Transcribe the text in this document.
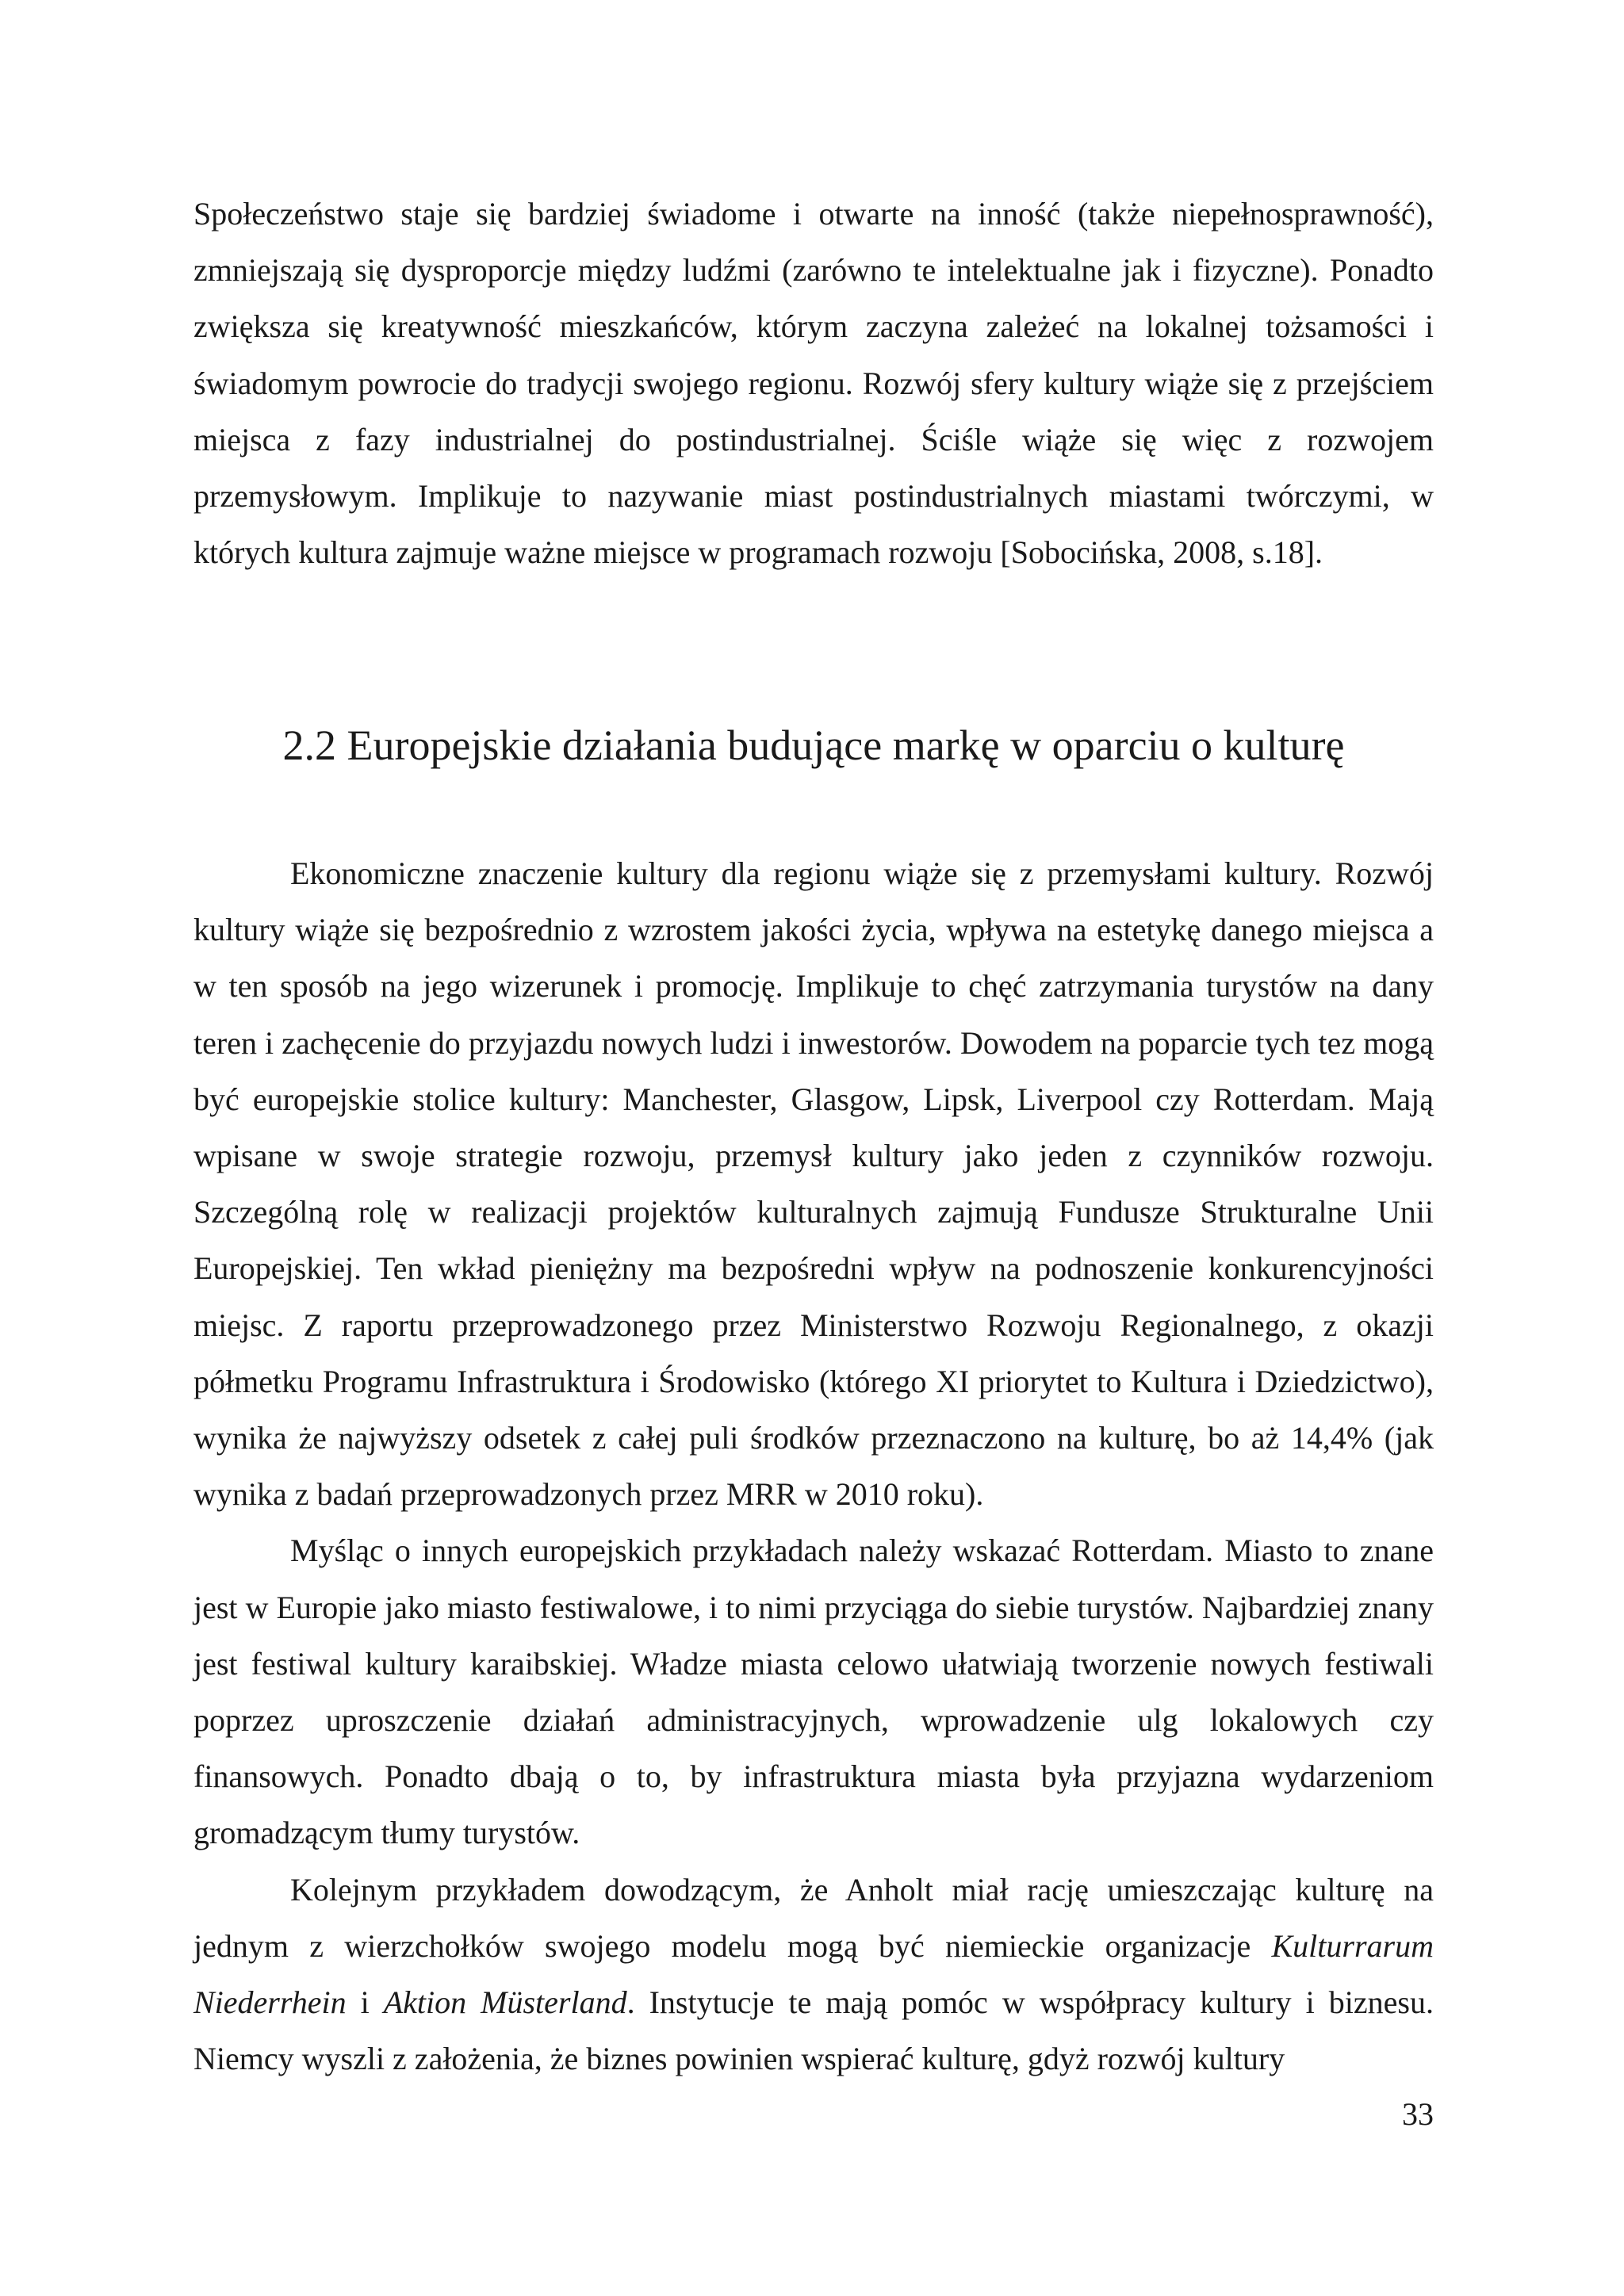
Społeczeństwo staje się bardziej świadome i otwarte na inność (także niepełnosprawność), zmniejszają się dysproporcje między ludźmi (zarówno te intelektualne jak i fizyczne). Ponadto zwiększa się kreatywność mieszkańców, którym zaczyna zależeć na lokalnej tożsamości i świadomym powrocie do tradycji swojego regionu. Rozwój sfery kultury wiąże się z przejściem miejsca z fazy industrialnej do postindustrialnej. Ściśle wiąże się więc z rozwojem przemysłowym. Implikuje to nazywanie miast postindustrialnych miastami twórczymi, w których kultura zajmuje ważne miejsce w programach rozwoju [Sobocińska, 2008, s.18].

2.2 Europejskie działania budujące markę w oparciu o kulturę

Ekonomiczne znaczenie kultury dla regionu wiąże się z przemysłami kultury. Rozwój kultury wiąże się bezpośrednio z wzrostem jakości życia, wpływa na estetykę danego miejsca a w ten sposób na jego wizerunek i promocję. Implikuje to chęć zatrzymania turystów na dany teren i zachęcenie do przyjazdu nowych ludzi i inwestorów. Dowodem na poparcie tych tez mogą być europejskie stolice kultury: Manchester, Glasgow, Lipsk, Liverpool czy Rotterdam. Mają wpisane w swoje strategie rozwoju, przemysł kultury jako jeden z czynników rozwoju. Szczególną rolę w realizacji projektów kulturalnych zajmują Fundusze Strukturalne Unii Europejskiej. Ten wkład pieniężny ma bezpośredni wpływ na podnoszenie konkurencyjności miejsc. Z raportu przeprowadzonego przez Ministerstwo Rozwoju Regionalnego, z okazji półmetku Programu Infrastruktura i Środowisko (którego XI priorytet to Kultura i Dziedzictwo), wynika że najwyższy odsetek z całej puli środków przeznaczono na kulturę, bo aż 14,4% (jak wynika z badań przeprowadzonych przez MRR w 2010 roku).

Myśląc o innych europejskich przykładach należy wskazać Rotterdam. Miasto to znane jest w Europie jako miasto festiwalowe, i to nimi przyciąga do siebie turystów. Najbardziej znany jest festiwal kultury karaibskiej. Władze miasta celowo ułatwiają tworzenie nowych festiwali poprzez uproszczenie działań administracyjnych, wprowadzenie ulg lokalowych czy finansowych. Ponadto dbają o to, by infrastruktura miasta była przyjazna wydarzeniom gromadzącym tłumy turystów.

Kolejnym przykładem dowodzącym, że Anholt miał rację umieszczając kulturę na jednym z wierzchołków swojego modelu mogą być niemieckie organizacje Kulturrarum Niederrhein i Aktion Müsterland. Instytucje te mają pomóc w współpracy kultury i biznesu. Niemcy wyszli z założenia, że biznes powinien wspierać kulturę, gdyż rozwój kultury

33
